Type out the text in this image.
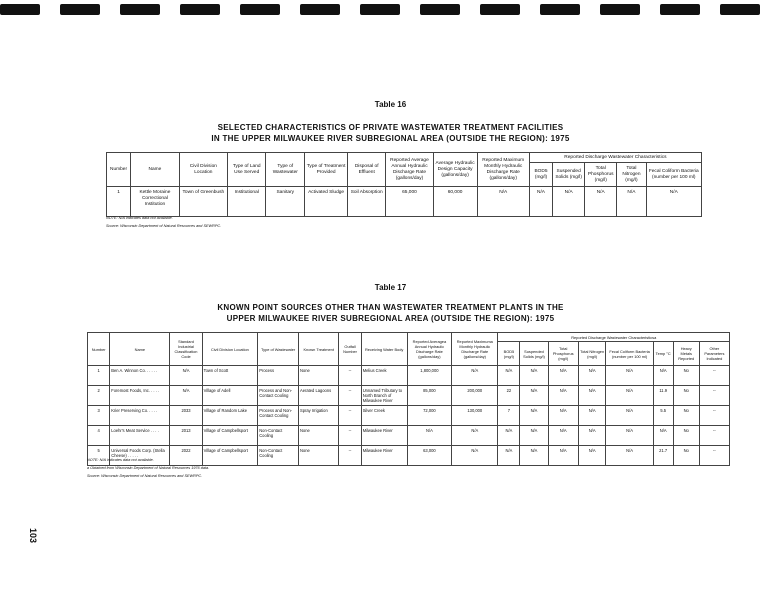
Table 16
SELECTED CHARACTERISTICS OF PRIVATE WASTEWATER TREATMENT FACILITIES
IN THE UPPER MILWAUKEE RIVER SUBREGIONAL AREA (OUTSIDE THE REGION): 1975
Number	Name	Civil Division Location	Type of Land Use Served	Type of Wastewater	Type of Treatment Provided	Disposal of Effluent	Reported Average Annual Hydraulic Discharge Rate (gallons/day)	Average Hydraulic Design Capacity (gallons/day)	Reported Maximum Monthly Hydraulic Discharge Rate (gallons/day)	Reported Discharge Wastewater Characteristics				
										BOD5 (mg/l)	Suspended Solids (mg/l)	Total Phosphorus (mg/l)	Total Nitrogen (mg/l)	Fecal Coliform Bacteria (number per 100 ml)
1	Kettle Moraine Correctional Institution	Town of Greenbush	Institutional	Sanitary	Activated Sludge	Soil Absorption	65,000	60,000	N/A	N/A	N/A	N/A	N/A	N/A
NOTE: N/A indicates data not available.
Source: Wisconsin Department of Natural Resources and SEWRPC.
Table 17
KNOWN POINT SOURCES OTHER THAN WASTEWATER TREATMENT PLANTS IN THE
UPPER MILWAUKEE RIVER SUBREGIONAL AREA (OUTSIDE THE REGION): 1975
Number	Name	Standard Industrial Classification Code	Civil Division Location	Type of Wastewater	Known Treatment	Outfall Number	Receiving Water Body	Reported Averagea Annual Hydraulic Discharge Rate (gallons/day)	Reported Maximuma Monthly Hydraulic Discharge Rate (gallons/day)	Reported Discharge Wastewater Characteristicsa							
										BOD5 (mg/l)	Suspended Solids (mg/l)	Total Phosphorus (mg/l)	Total Nitrogen (mg/l)	Fecal Coliform Bacteria (number per 100 ml)	Temp °C	Heavy Metals Reported	Other Parameters Indicated
1	Ben A. Winnon Co. . . . . .	N/A	Town of Scott	Process	None	--	Melius Creek	1,800,000	N/A	N/A	N/A	N/A	N/A	N/A	N/A	No	--
2	Foremost Foods, Inc. . . . .	N/A	Village of Adell	Process and Non-Contact Cooling	Aerated Lagoons	--	Unnamed Tributary to North Branch of Milwaukee River	85,000	200,000	22	N/A	N/A	N/A	N/A	11.9	No	--
3	Krier Preserving Co. . . . .	2033	Village of Random Lake	Process and Non-Contact Cooling	Spray Irrigation	--	Silver Creek	72,000	130,000	7	N/A	N/A	N/A	N/A	5.5	No	--
4	Loehr's Meat Service . . . .	2013	Village of Campbellsport	Non-Contact Cooling	None	--	Milwaukee River	N/A	N/A	N/A	N/A	N/A	N/A	N/A	N/A	No	--
5	Universal Foods Corp. (Stella Cheese) . . . . .	2022	Village of Campbellsport	Non-Contact Cooling	None	--	Milwaukee River	63,000	N/A	N/A	N/A	N/A	N/A	N/A	21.7	No	--
NOTE: N/A indicates data not available.
a Obtained from Wisconsin Department of Natural Resources 1976 data.
Source: Wisconsin Department of Natural Resources and SEWRPC.
103
